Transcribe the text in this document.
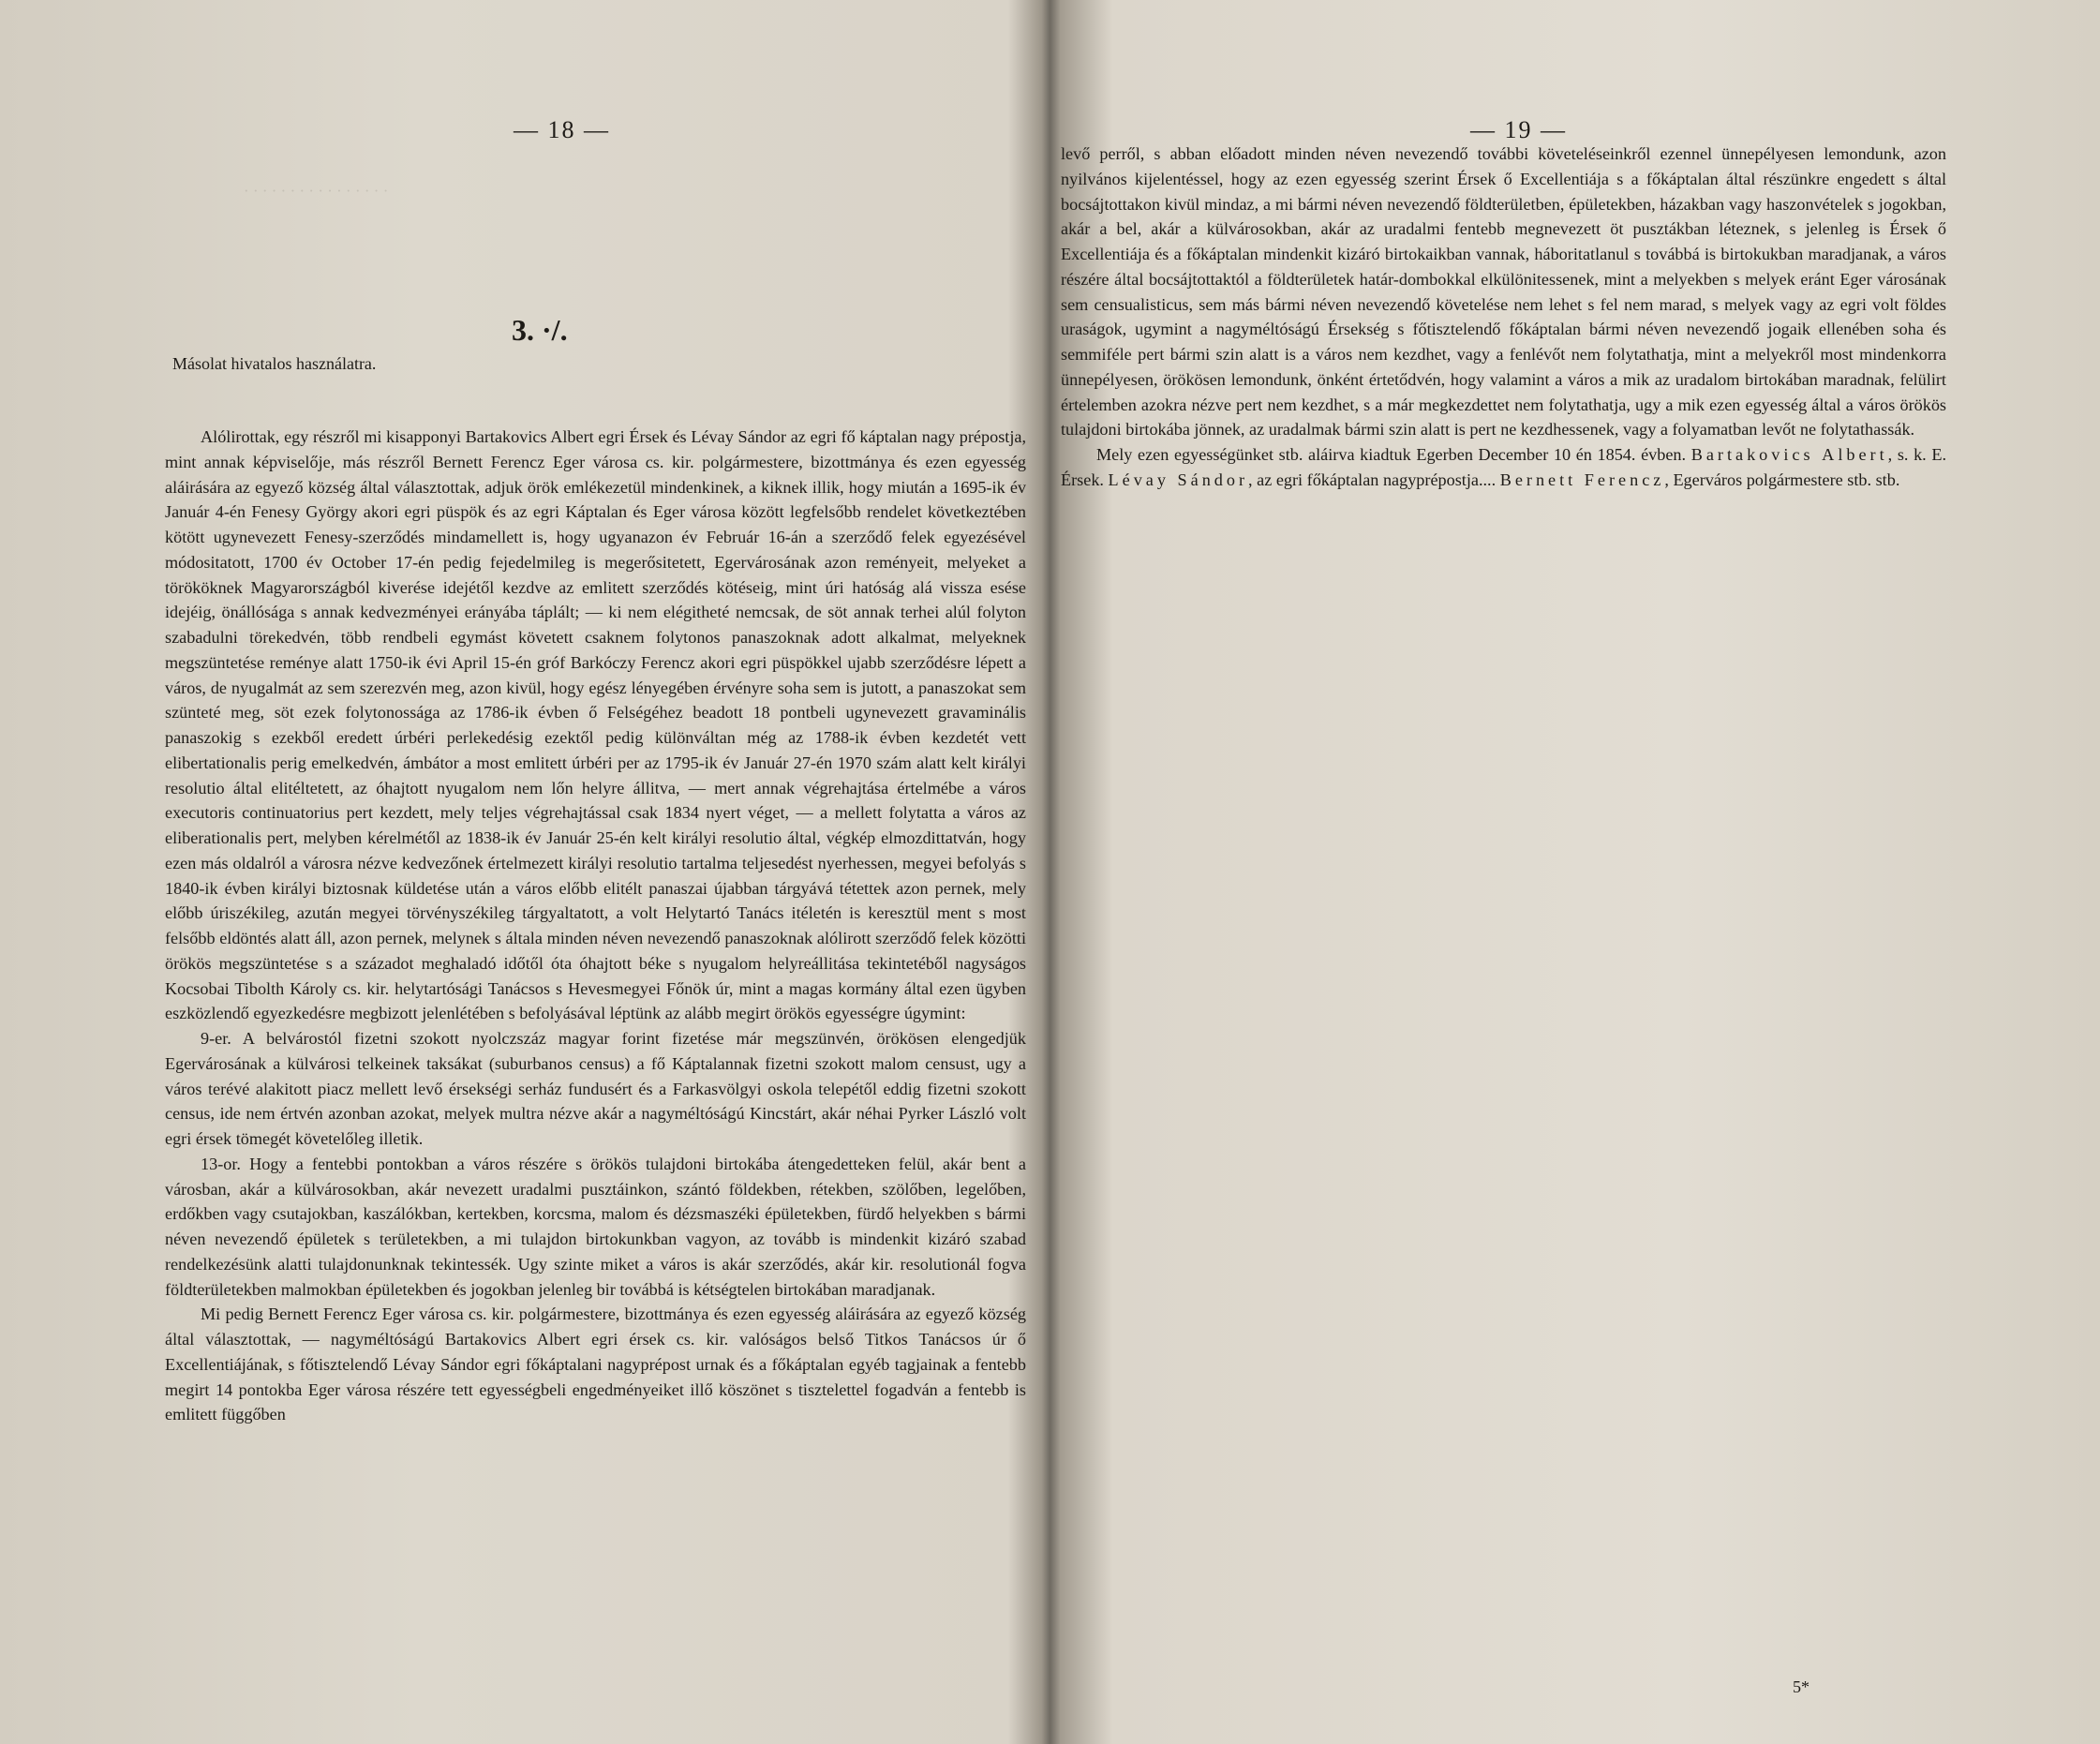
· · · · · · · · · · · · · · · ·
— 18 —
3. ·/.
Másolat hivatalos használatra.

Alólirottak, egy részről mi kisapponyi Bartakovics Albert egri Érsek és Lévay Sándor az egri fő káptalan nagy prépostja, mint annak képviselője, más részről Bernett Ferencz Eger városa cs. kir. polgármestere, bizottmánya és ezen egyesség aláirására az egyező község által választottak, adjuk örök emlékezetül mindenkinek, a kiknek illik, hogy miután a 1695-ik év Január 4-én Fenesy György akori egri püspök és az egri Káptalan és Eger városa között legfelsőbb rendelet következtében kötött ugynevezett Fenesy-szerződés mindamellett is, hogy ugyanazon év Február 16-án a szerződő felek egyezésével módositatott, 1700 év October 17-én pedig fejedelmileg is megerősitetett, Egervárosának azon reményeit, melyeket a törököknek Magyarországból kiverése idejétől kezdve az emlitett szerződés kötéseig, mint úri hatóság alá vissza esése idejéig, önállósága s annak kedvezményei erányába táplált; — ki nem elégitheté nemcsak, de söt annak terhei alúl folyton szabadulni törekedvén, több rendbeli egymást követett csaknem folytonos panaszoknak adott alkalmat, melyeknek megszüntetése reménye alatt 1750-ik évi April 15-én gróf Barkóczy Ferencz akori egri püspökkel ujabb szerződésre lépett a város, de nyugalmát az sem szerezvén meg, azon kivül, hogy egész lényegében érvényre soha sem is jutott, a panaszokat sem szünteté meg, söt ezek folytonossága az 1786-ik évben ő Felségéhez beadott 18 pontbeli ugynevezett gravaminális panaszokig s ezekből eredett úrbéri perlekedésig ezektől pedig különváltan még az 1788-ik évben kezdetét vett elibertationalis perig emelkedvén, ámbátor a most emlitett úrbéri per az 1795-ik év Január 27-én 1970 szám alatt kelt királyi resolutio által elitéltetett, az óhajtott nyugalom nem lőn helyre állitva, — mert annak végrehajtása értelmébe a város executoris continuatorius pert kezdett, mely teljes végrehajtással csak 1834 nyert véget, — a mellett folytatta a város az eliberationalis pert, melyben kérelmétől az 1838-ik év Január 25-én kelt királyi resolutio által, végkép elmozdittatván, hogy ezen más oldalról a városra nézve kedvezőnek értelmezett királyi resolutio tartalma teljesedést nyerhessen, megyei befolyás s 1840-ik évben királyi biztosnak küldetése után a város előbb elitélt panaszai újabban tárgyává tétettek azon pernek, mely előbb úriszékileg, azután megyei törvényszékileg tárgyaltatott, a volt Helytartó Tanács itéletén is keresztül ment s most felsőbb eldöntés alatt áll, azon pernek, melynek s általa minden néven nevezendő panaszoknak alólirott szerződő felek közötti örökös megszüntetése s a századot meghaladó időtől óta óhajtott béke s nyugalom helyreállitása tekintetéből nagyságos Kocsobai Tibolth Károly cs. kir. helytartósági Tanácsos s Hevesmegyei Főnök úr, mint a magas kormány által ezen ügyben eszközlendő egyezkedésre megbizott jelenlétében s befolyásával léptünk az alább megirt örökös egyességre úgymint:

9-er. A belvárostól fizetni szokott nyolczszáz magyar forint fizetése már megszünvén, örökösen elengedjük Egervárosának a külvárosi telkeinek taksákat (suburbanos census) a fő Káptalannak fizetni szokott malom censust, ugy a város terévé alakitott piacz mellett levő érsekségi serház fundusért és a Farkasvölgyi oskola telepétől eddig fizetni szokott census, ide nem értvén azonban azokat, melyek multra nézve akár a nagyméltóságú Kincstárt, akár néhai Pyrker László volt egri érsek tömegét követelőleg illetik.

13-or. Hogy a fentebbi pontokban a város részére s örökös tulajdoni birtokába átengedetteken felül, akár bent a városban, akár a külvárosokban, akár nevezett uradalmi pusztáinkon, szántó földekben, rétekben, szölőben, legelőben, erdőkben vagy csutajokban, kaszálókban, kertekben, korcsma, malom és dézsmaszéki épületekben, fürdő helyekben s bármi néven nevezendő épületek s területekben, a mi tulajdon birtokunkban vagyon, az tovább is mindenkit kizáró szabad rendelkezésünk alatti tulajdonunknak tekintessék. Ugy szinte miket a város is akár szerződés, akár kir. resolutionál fogva földterületekben malmokban épületekben és jogokban jelenleg bir továbbá is kétségtelen birtokában maradjanak.

Mi pedig Bernett Ferencz Eger városa cs. kir. polgármestere, bizottmánya és ezen egyesség aláirására az egyező község által választottak, — nagyméltóságú Bartakovics Albert egri érsek cs. kir. valóságos belső Titkos Tanácsos úr ő Excellentiájának, s főtisztelendő Lévay Sándor egri főkáptalani nagyprépost urnak és a főkáptalan egyéb tagjainak a fentebb megirt 14 pontokba Eger városa részére tett egyességbeli engedményeiket illő köszönet s tisztelettel fogadván a fentebb is emlitett függőben

— 19 —

levő perről, s abban előadott minden néven nevezendő további követeléseinkről ezennel ünnepélyesen lemondunk, azon nyilvános kijelentéssel, hogy az ezen egyesség szerint Érsek ő Excellentiája s a főkáptalan által részünkre engedett s által bocsájtottakon kivül mindaz, a mi bármi néven nevezendő földterületben, épületekben, házakban vagy haszonvételek s jogokban, akár a bel, akár a külvárosokban, akár az uradalmi fentebb megnevezett öt pusztákban léteznek, s jelenleg is Érsek ő Excellentiája és a főkáptalan mindenkit kizáró birtokaikban vannak, háboritatlanul s továbbá is birtokukban maradjanak, a város részére által bocsájtottaktól a földterületek határ-dombokkal elkülönitessenek, mint a melyekben s melyek eránt Eger városának sem censualisticus, sem más bármi néven nevezendő követelése nem lehet s fel nem marad, s melyek vagy az egri volt földes uraságok, ugymint a nagyméltóságú Érsekség s főtisztelendő főkáptalan bármi néven nevezendő jogaik ellenében soha és semmiféle pert bármi szin alatt is a város nem kezdhet, vagy a fenlévőt nem folytathatja, mint a melyekről most mindenkorra ünnepélyesen, örökösen lemondunk, önként értetődvén, hogy valamint a város a mik az uradalom birtokában maradnak, felülirt értelemben azokra nézve pert nem kezdhet, s a már megkezdettet nem folytathatja, ugy a mik ezen egyesség által a város örökös tulajdoni birtokába jönnek, az uradalmak bármi szin alatt is pert ne kezdhessenek, vagy a folyamatban levőt ne folytathassák.

Mely ezen egyességünket stb. aláirva kiadtuk Egerben December 10 én 1854. évben. Bartakovics Albert, s. k. E. Érsek. Lévay Sándor, az egri főkáptalan nagyprépostja.... Bernett Ferencz, Egerváros polgármestere stb. stb.

5*
